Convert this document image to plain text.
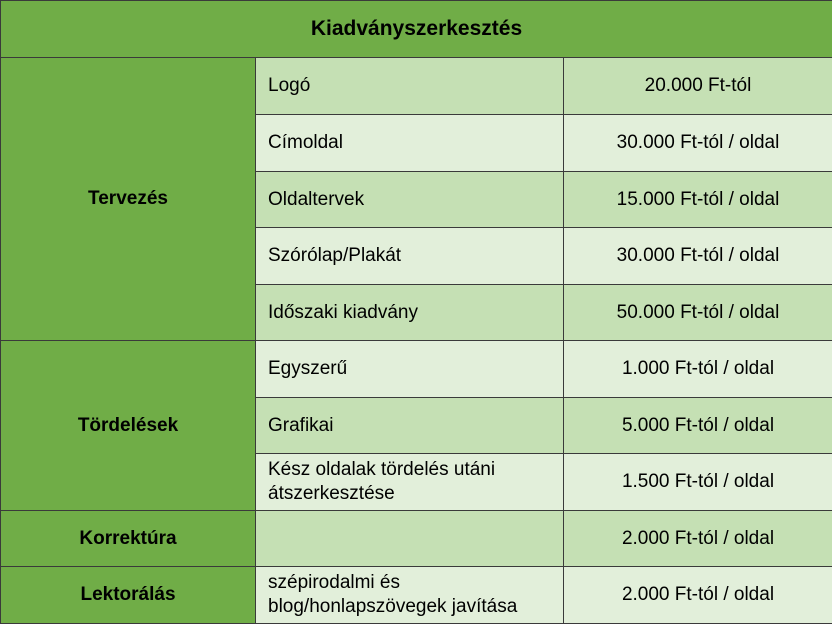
Kiadványszerkesztés		
Tervezés	Logó	20.000 Ft-tól
	Címoldal	30.000 Ft-tól / oldal
	Oldaltervek	15.000 Ft-tól / oldal
	Szórólap/Plakát	30.000 Ft-tól / oldal
	Időszaki kiadvány	50.000 Ft-tól / oldal
Tördelések	Egyszerű	1.000 Ft-tól / oldal
	Grafikai	5.000 Ft-tól / oldal
	Kész oldalak tördelés utáni átszerkesztése	1.500 Ft-tól / oldal
Korrektúra		2.000 Ft-tól / oldal
Lektorálás	szépirodalmi és blog/honlapszövegek javítása	2.000 Ft-tól / oldal
